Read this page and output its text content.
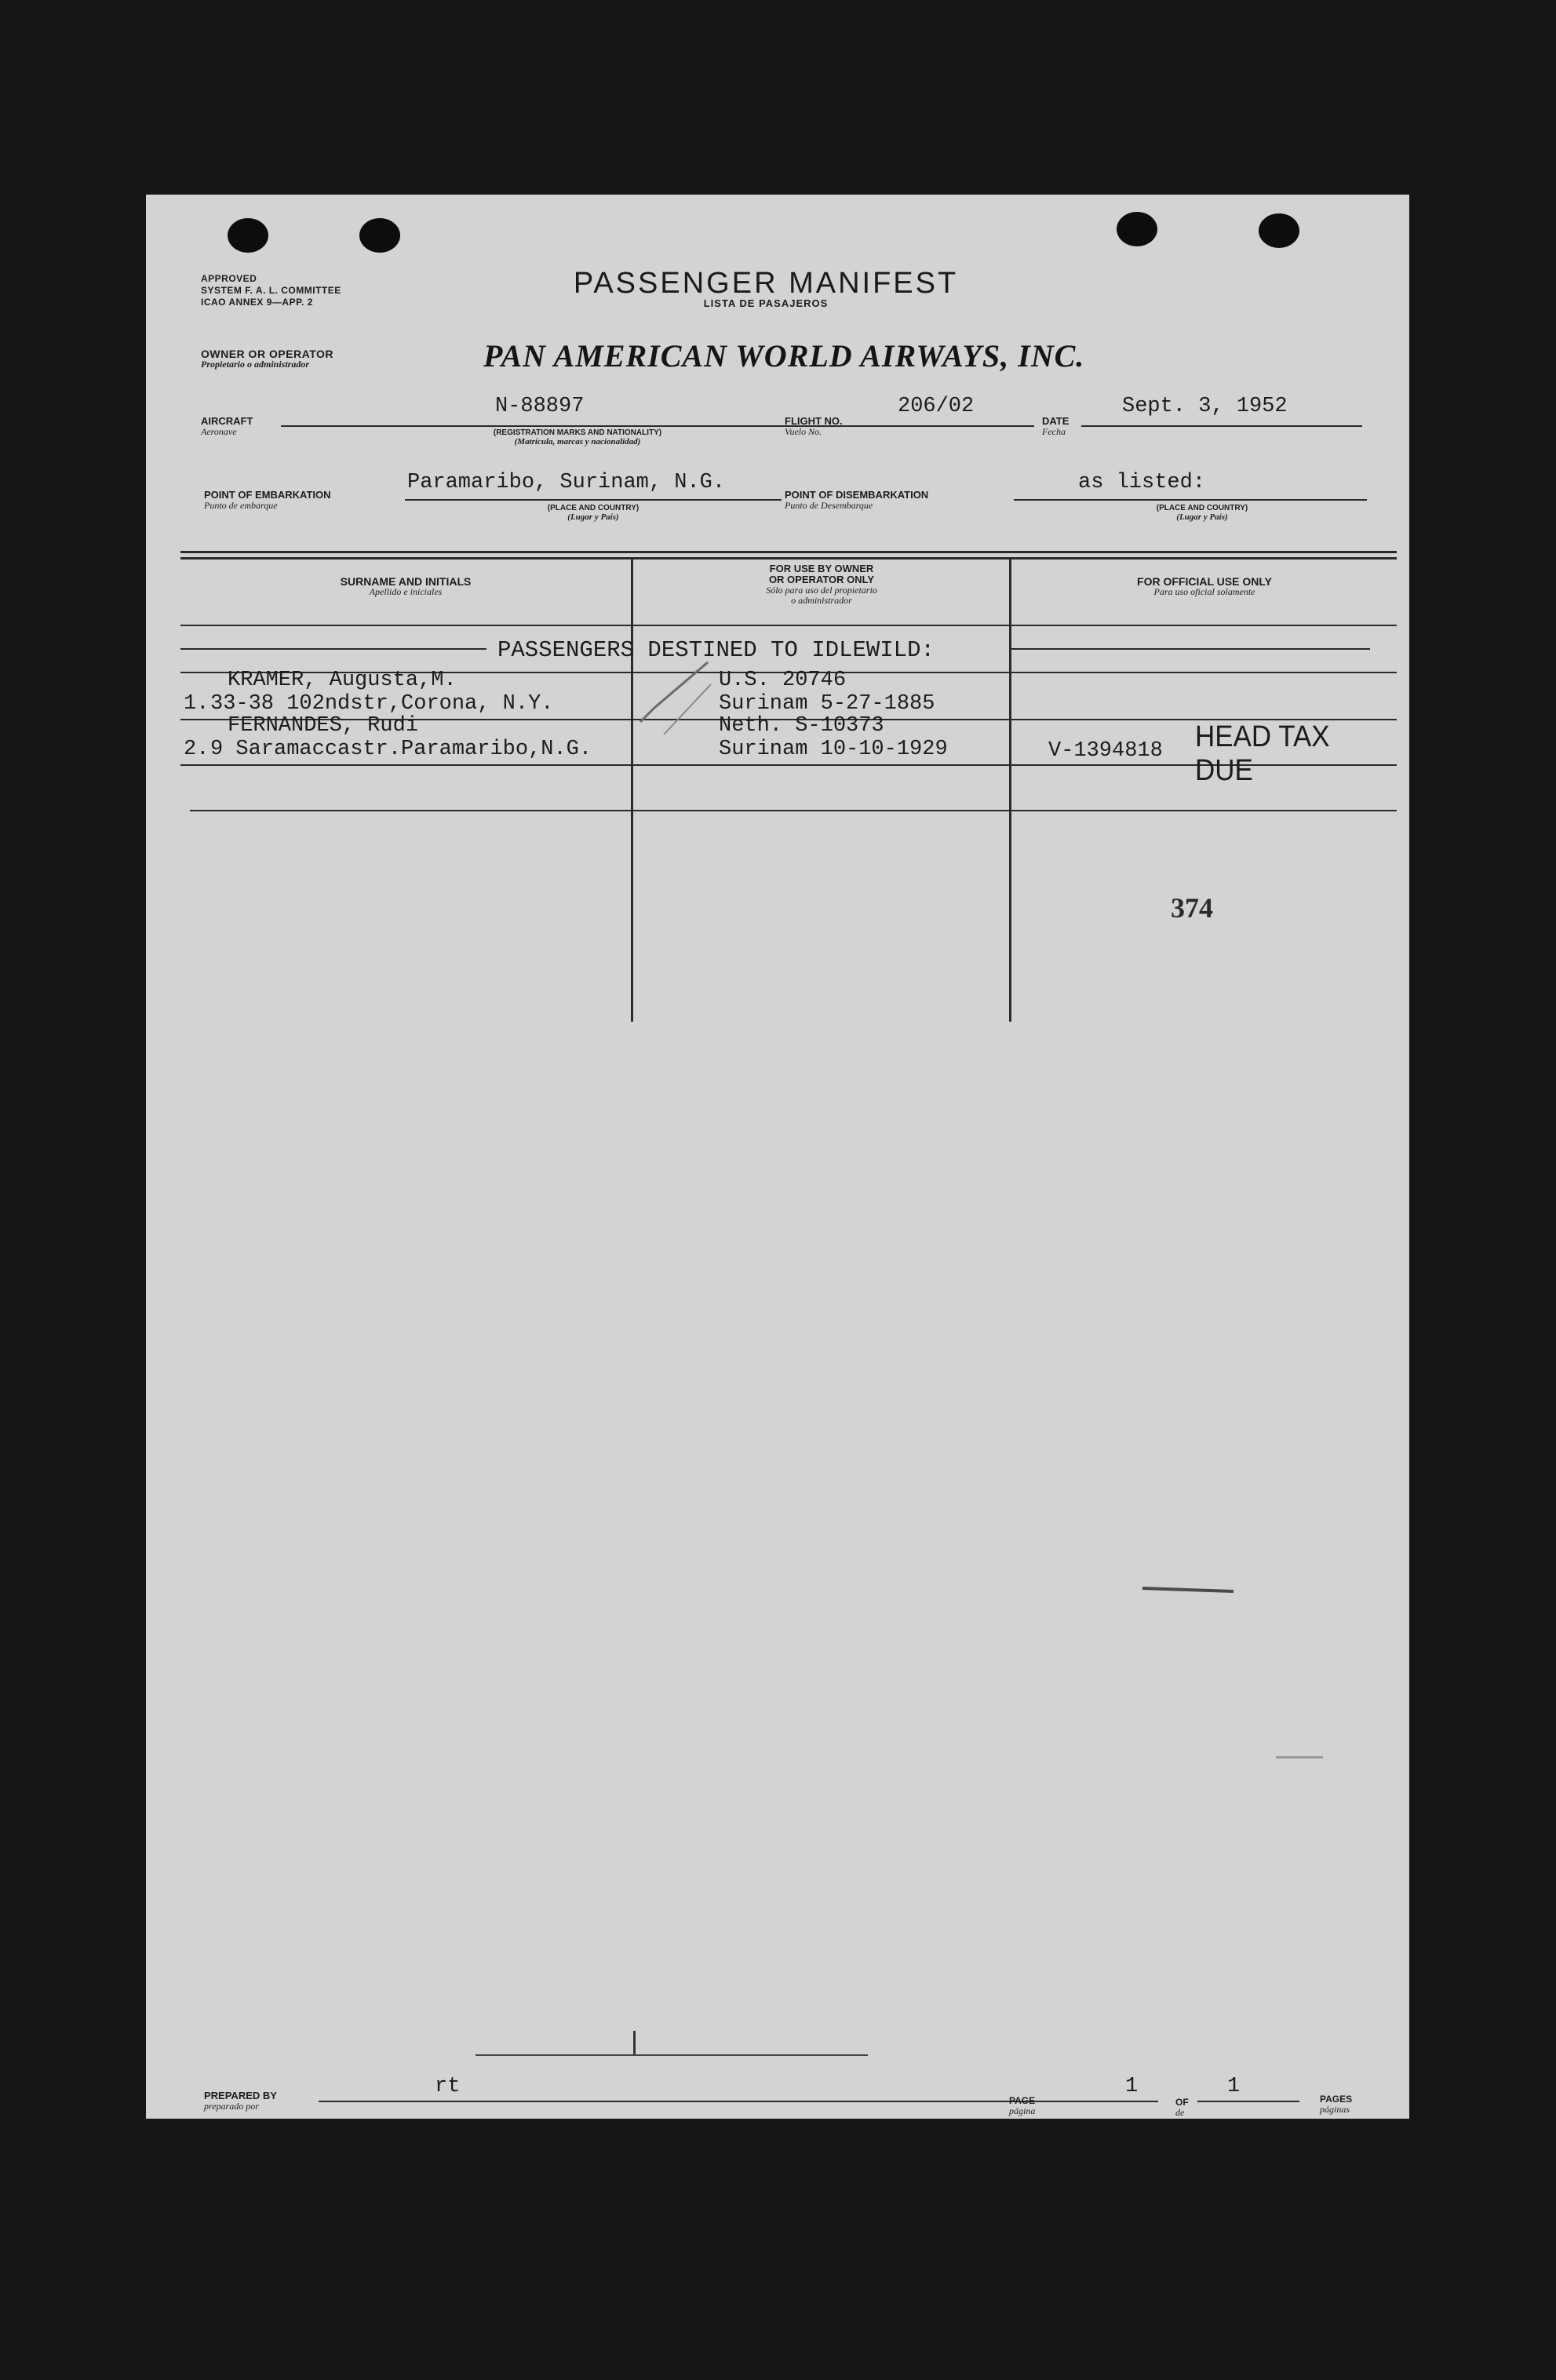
APPROVED
SYSTEM F. A. L. COMMITTEE
ICAO ANNEX 9—APP. 2
PASSENGER MANIFEST
LISTA DE PASAJEROS
OWNER OR OPERATOR
Propietario o administrador	PAN AMERICAN WORLD AIRWAYS, INC.
AIRCRAFT
Aeronave
N-88897
(REGISTRATION MARKS AND NATIONALITY)
(Matrícula, marcas y nacionalidad)
FLIGHT NO.
Vuelo No.
206/02
DATE
Fecha
Sept. 3, 1952
POINT OF EMBARKATION
Punto de embarque
Paramaribo, Surinam, N.G.
(PLACE AND COUNTRY)
(Lugar y País)
POINT OF DISEMBARKATION
Punto de Desembarque
as listed:
(PLACE AND COUNTRY)
(Lugar y País)
SURNAME AND INITIALS
Apellido e iniciales
FOR USE BY OWNER
OR OPERATOR ONLY
Sólo para uso del propietario
o administrador
FOR OFFICIAL USE ONLY
Para uso oficial solamente
PASSENGERS DESTINED TO IDLEWILD:
KRAMER, Augusta,M.
1. 33-38 102ndstr,Corona, N.Y.
U.S. 20746
Surinam 5-27-1885
FERNANDES, Rudi
2. 9 Saramaccastr.Paramaribo,N.G.
Neth. S-10373
Surinam 10-10-1929	V-1394818 HEAD TAX DUE
374
PREPARED BY
preparado por
rt
PAGE
página
1
OF
de
1
PAGES
páginas
